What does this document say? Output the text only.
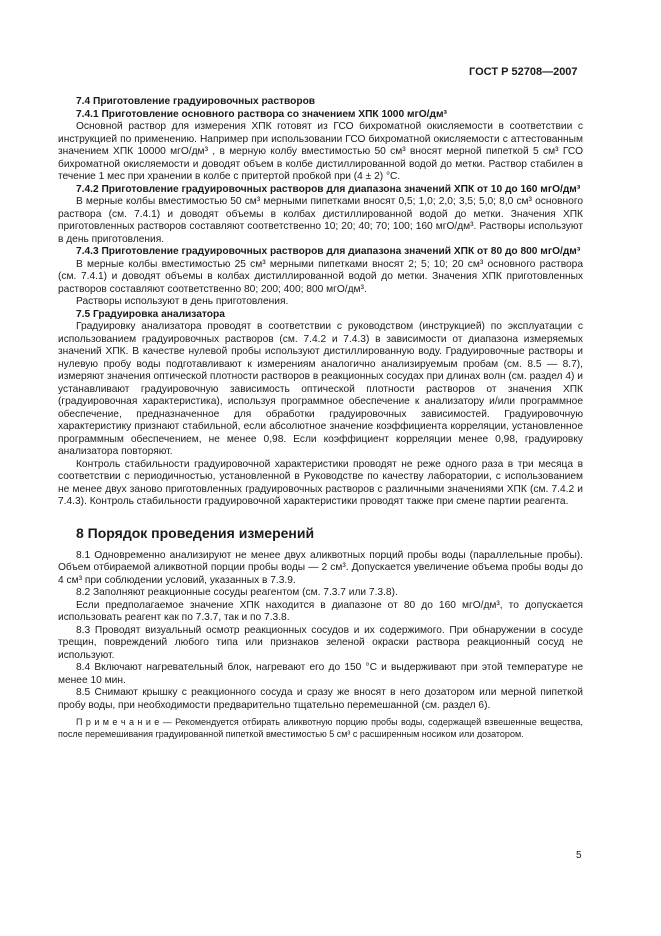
ГОСТ Р 52708—2007

7.4 Приготовление градуировочных растворов

7.4.1 Приготовление основного раствора со значением ХПК 1000 мгО/дм³

Основной раствор для измерения ХПК готовят из ГСО бихроматной окисляемости в соответствии с инструкцией по применению. Например при использовании ГСО бихроматной окисляемости с аттестованным значением ХПК 10000 мгО/дм³ , в мерную колбу вместимостью 50 см³ вносят мерной пипеткой 5 см³ ГСО бихроматной окисляемости и доводят объем в колбе дистиллированной водой до метки. Раствор стабилен в течение 1 мес при хранении в колбе с притертой пробкой при (4 ± 2) °С.

7.4.2 Приготовление градуировочных растворов для диапазона значений ХПК от 10 до 160 мгО/дм³

В мерные колбы вместимостью 50 см³ мерными пипетками вносят 0,5; 1,0; 2,0; 3,5; 5,0; 8,0 см³ основного раствора (см. 7.4.1) и доводят объемы в колбах дистиллированной водой до метки. Значения ХПК приготовленных растворов составляют соответственно 10; 20; 40; 70; 100; 160 мгО/дм³. Растворы используют в день приготовления.

7.4.3 Приготовление градуировочных растворов для диапазона значений ХПК от 80 до 800 мгО/дм³

В мерные колбы вместимостью 25 см³ мерными пипетками вносят 2; 5; 10; 20 см³ основного раствора (см. 7.4.1) и доводят объемы в колбах дистиллированной водой до метки. Значения ХПК приготовленных растворов составляют соответственно 80; 200; 400; 800 мгО/дм³.

Растворы используют в день приготовления.

7.5 Градуировка анализатора

Градуировку анализатора проводят в соответствии с руководством (инструкцией) по эксплуатации с использованием градуировочных растворов (см. 7.4.2 и 7.4.3) в зависимости от диапазона измеряемых значений ХПК. В качестве нулевой пробы используют дистиллированную воду. Градуировочные растворы и нулевую пробу воды подготавливают к измерениям аналогично анализируемым пробам (см. 8.5 — 8.7), измеряют значения оптической плотности растворов в реакционных сосудах при длинах волн (см. раздел 4) и устанавливают градуировочную зависимость оптической плотности растворов от значения ХПК (градуировочная характеристика), используя программное обеспечение к анализатору и/или программное обеспечение, предназначенное для обработки градуировочных зависимостей. Градуировочную характеристику признают стабильной, если абсолютное значение коэффициента корреляции, установленное программным обеспечением, не менее 0,98. Если коэффициент корреляции менее 0,98, градуировку анализатора повторяют.

Контроль стабильности градуировочной характеристики проводят не реже одного раза в три месяца в соответствии с периодичностью, установленной в Руководстве по качеству лаборатории, с использованием не менее двух заново приготовленных градуировочных растворов с различными значениями ХПК (см. 7.4.2 и 7.4.3). Контроль стабильности градуировочной характеристики проводят также при смене партии реагента.

8 Порядок проведения измерений

8.1 Одновременно анализируют не менее двух аликвотных порций пробы воды (параллельные пробы). Объем отбираемой аликвотной порции пробы воды — 2 см³. Допускается увеличение объема пробы воды до 4 см³ при соблюдении условий, указанных в 7.3.9.

8.2 Заполняют реакционные сосуды реагентом (см. 7.3.7 или 7.3.8).

Если предполагаемое значение ХПК находится в диапазоне от 80 до 160 мгО/дм³, то допускается использовать реагент как по 7.3.7, так и по 7.3.8.

8.3 Проводят визуальный осмотр реакционных сосудов и их содержимого. При обнаружении в сосуде трещин, повреждений любого типа или признаков зеленой окраски раствора реакционный сосуд не используют.

8.4 Включают нагревательный блок, нагревают его до 150 °С и выдерживают при этой температуре не менее 10 мин.

8.5 Снимают крышку с реакционного сосуда и сразу же вносят в него дозатором или мерной пипеткой пробу воды, при необходимости предварительно тщательно перемешанной (см. раздел 6).

П р и м е ч а н и е — Рекомендуется отбирать аликвотную порцию пробы воды, содержащей взвешенные вещества, после перемешивания градуированной пипеткой вместимостью 5 см³ с расширенным носиком или дозатором.

5
